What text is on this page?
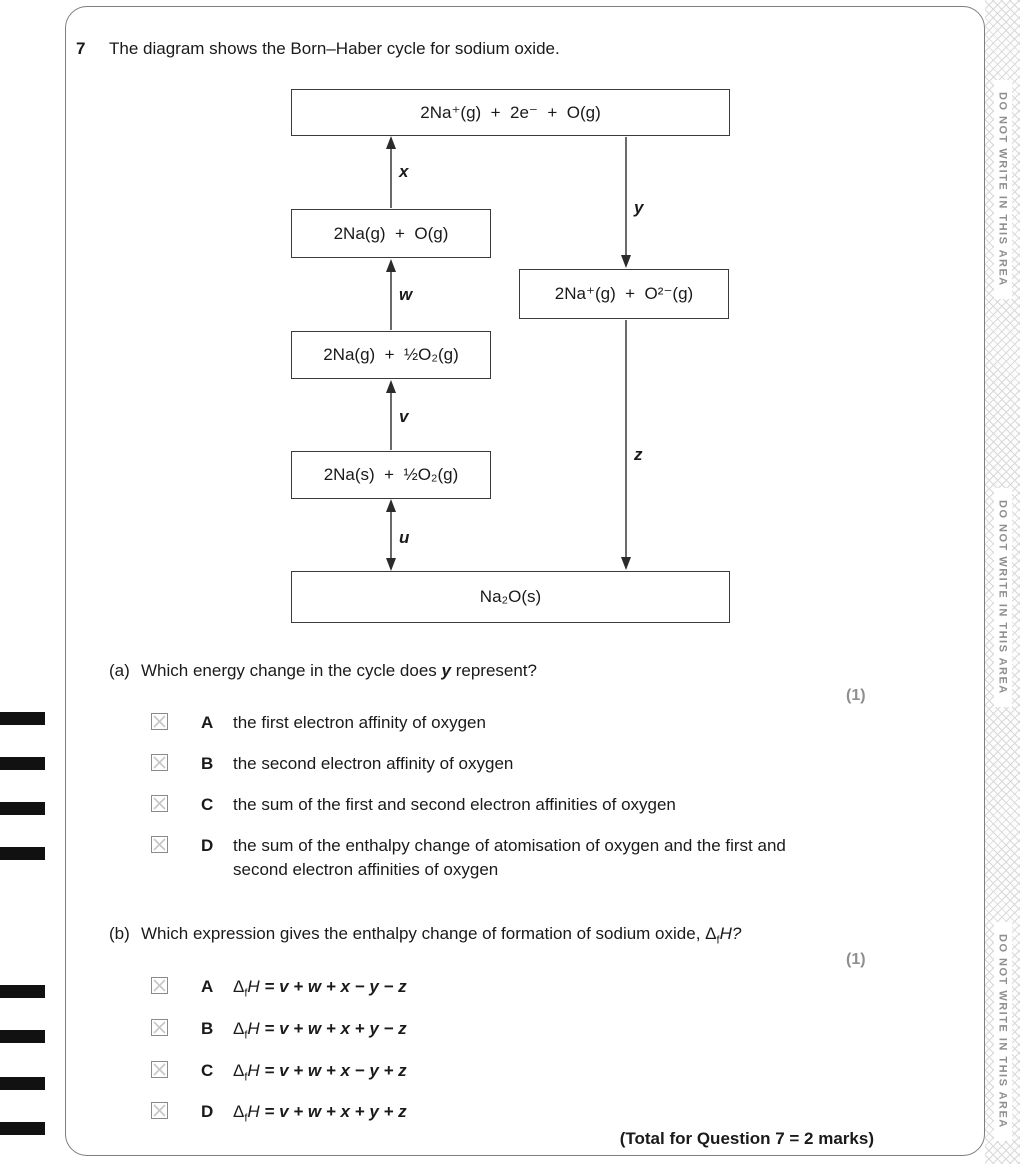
7	The diagram shows the Born–Haber cycle for sodium oxide.
2Na⁺(g)  +  2e⁻  +  O(g)
2Na(g)  +  O(g)
2Na⁺(g)  +  O²⁻(g)
2Na(g)  +  ½O₂(g)
2Na(s)  +  ½O₂(g)
Na₂O(s)
x
y
w
v
z
u
(a) Which energy change in the cycle does y represent?
(1)
A	the first electron affinity of oxygen
B	the second electron affinity of oxygen
C	the sum of the first and second electron affinities of oxygen
D	the sum of the enthalpy change of atomisation of oxygen and the first and second electron affinities of oxygen
(b) Which expression gives the enthalpy change of formation of sodium oxide, $\Delta_fH$?
(1)
A	$\Delta_fH = v + w + x - y - z$
B	$\Delta_fH = v + w + x + y - z$
C	$\Delta_fH = v + w + x - y + z$
D	$\Delta_fH = v + w + x + y + z$
(Total for Question 7 = 2 marks)
DO NOT WRITE IN THIS AREA
DO NOT WRITE IN THIS AREA
DO NOT WRITE IN THIS AREA
